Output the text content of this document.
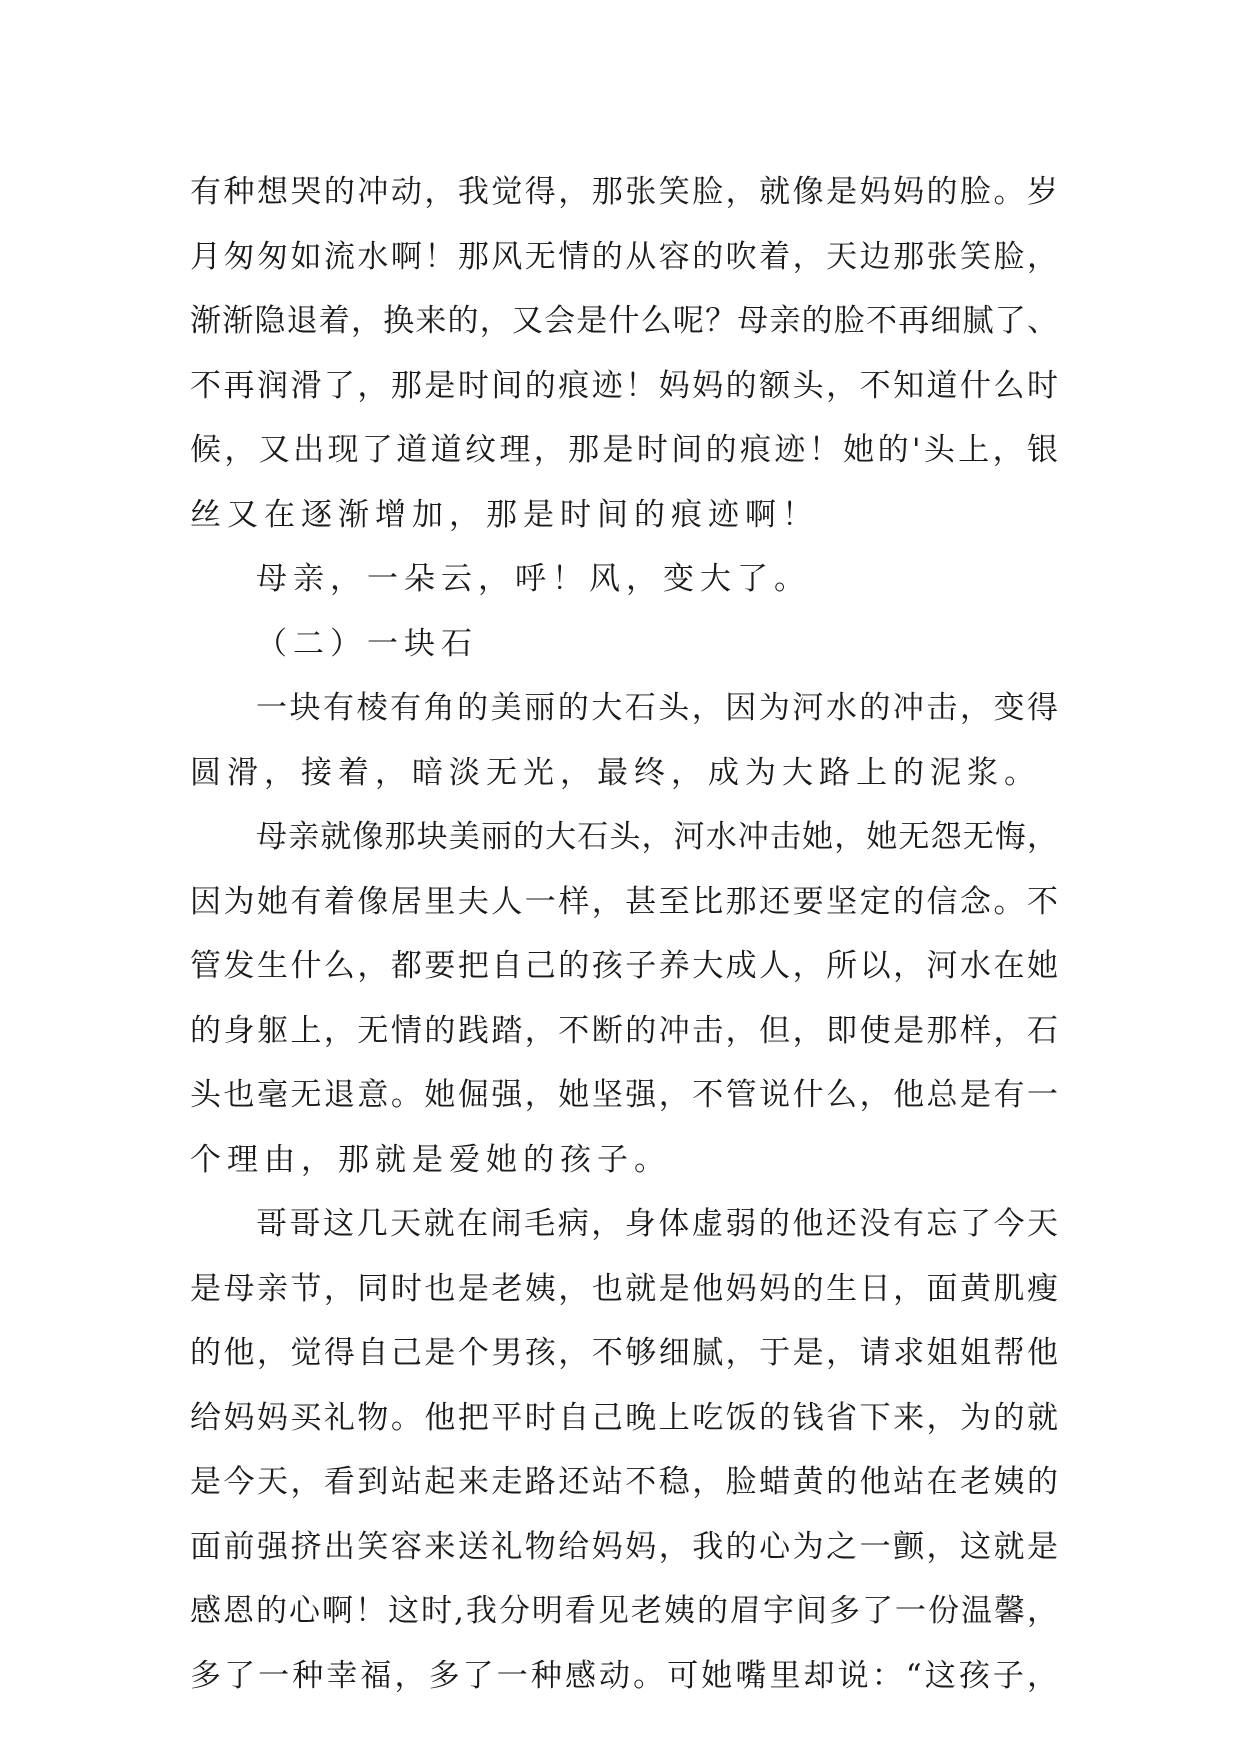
有种想哭的冲动，我觉得，那张笑脸，就像是妈妈的脸。岁
月匆匆如流水啊！那风无情的从容的吹着，天边那张笑脸，
渐渐隐退着，换来的，又会是什么呢？母亲的脸不再细腻了、
不再润滑了，那是时间的痕迹！妈妈的额头，不知道什么时
候，又出现了道道纹理，那是时间的痕迹！她的'头上，银
丝又在逐渐增加，那是时间的痕迹啊！
母亲，一朵云，呼！风，变大了。
（二）一块石
一块有棱有角的美丽的大石头，因为河水的冲击，变得
圆滑，接着，暗淡无光，最终，成为大路上的泥浆。
母亲就像那块美丽的大石头，河水冲击她，她无怨无悔，
因为她有着像居里夫人一样，甚至比那还要坚定的信念。不
管发生什么，都要把自己的孩子养大成人，所以，河水在她
的身躯上，无情的践踏，不断的冲击，但，即使是那样，石
头也毫无退意。她倔强，她坚强，不管说什么，他总是有一
个理由，那就是爱她的孩子。
哥哥这几天就在闹毛病，身体虚弱的他还没有忘了今天
是母亲节，同时也是老姨，也就是他妈妈的生日，面黄肌瘦
的他，觉得自己是个男孩，不够细腻，于是，请求姐姐帮他
给妈妈买礼物。他把平时自己晚上吃饭的钱省下来，为的就
是今天，看到站起来走路还站不稳，脸蜡黄的他站在老姨的
面前强挤出笑容来送礼物给妈妈，我的心为之一颤，这就是
感恩的心啊！这时,我分明看见老姨的眉宇间多了一份温馨，
多了一种幸福，多了一种感动。可她嘴里却说：“这孩子，
